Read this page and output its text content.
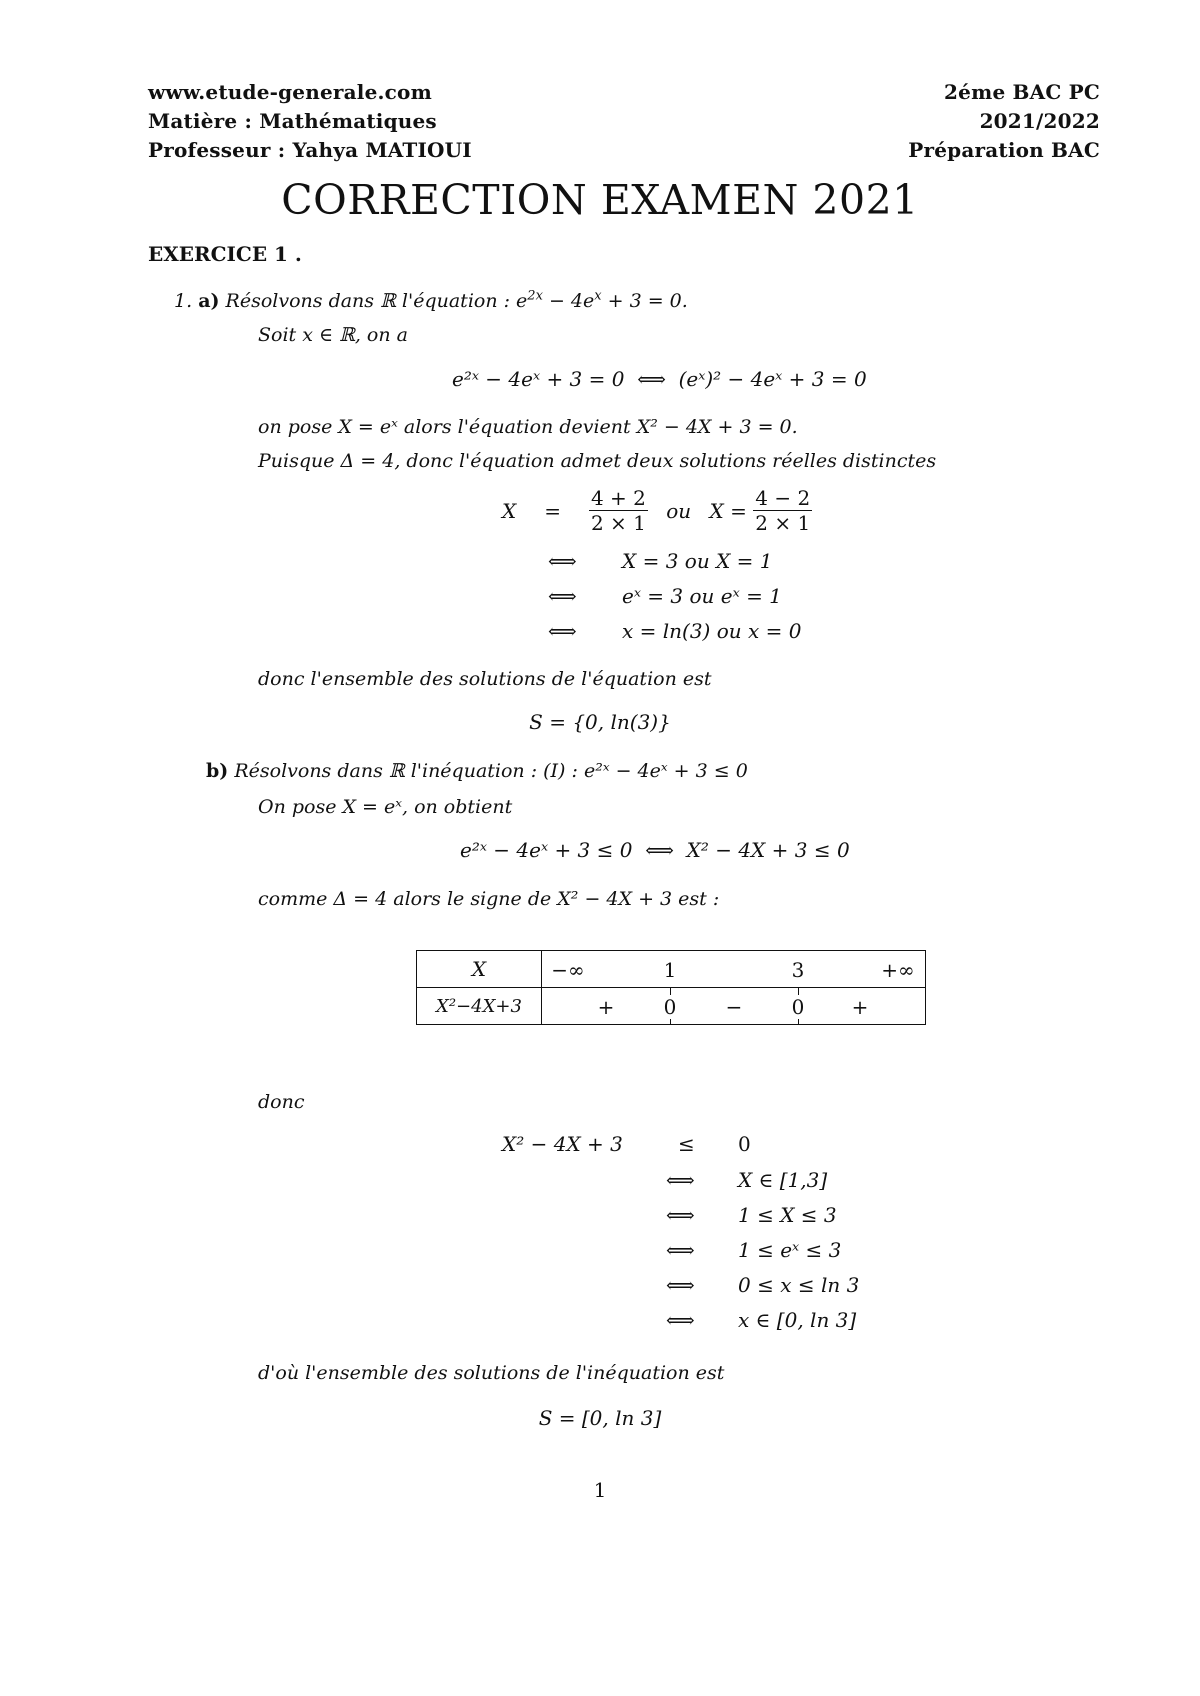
www.etude-generale.com
Matière : Mathématiques
Professeur : Yahya MATIOUI
2éme BAC PC
2021/2022
Préparation BAC
CORRECTION EXAMEN 2021
EXERCICE 1 .
1. a) Résolvons dans ℝ l'équation : $e^{2x} - 4e^x + 3 = 0$.
Soit x ∈ ℝ, on a
e²ˣ − 4eˣ + 3 = 0 ⟺ (eˣ)² − 4eˣ + 3 = 0
on pose X = eˣ alors l'équation devient X² − 4X + 3 = 0.
Puisque Δ = 4, donc l'équation admet deux solutions réelles distinctes
$X = \frac{4 + 2}{2 \times 1}$ ou $X = \frac{4 - 2}{2 \times 1}$
⟺ X = 3 ou X = 1
⟺ eˣ = 3 ou eˣ = 1
⟺ x = ln(3) ou x = 0
donc l'ensemble des solutions de l'équation est
S = {0, ln(3)}
b) Résolvons dans ℝ l'inéquation : (I) : e²ˣ − 4eˣ + 3 ≤ 0
On pose X = eˣ, on obtient
e²ˣ − 4eˣ + 3 ≤ 0 ⟺ X² − 4X + 3 ≤ 0
comme Δ = 4 alors le signe de X² − 4X + 3 est :
X	−∞ 1 3 +∞

X²−4X+3	+ 0 − 0 +
donc
X² − 4X + 3	≤ 0
⟺ X ∈ [1,3]
⟺ 1 ≤ X ≤ 3
⟺ 1 ≤ eˣ ≤ 3
⟺ 0 ≤ x ≤ ln 3
⟺ x ∈ [0, ln 3]
d'où l'ensemble des solutions de l'inéquation est
S = [0, ln 3]
1
